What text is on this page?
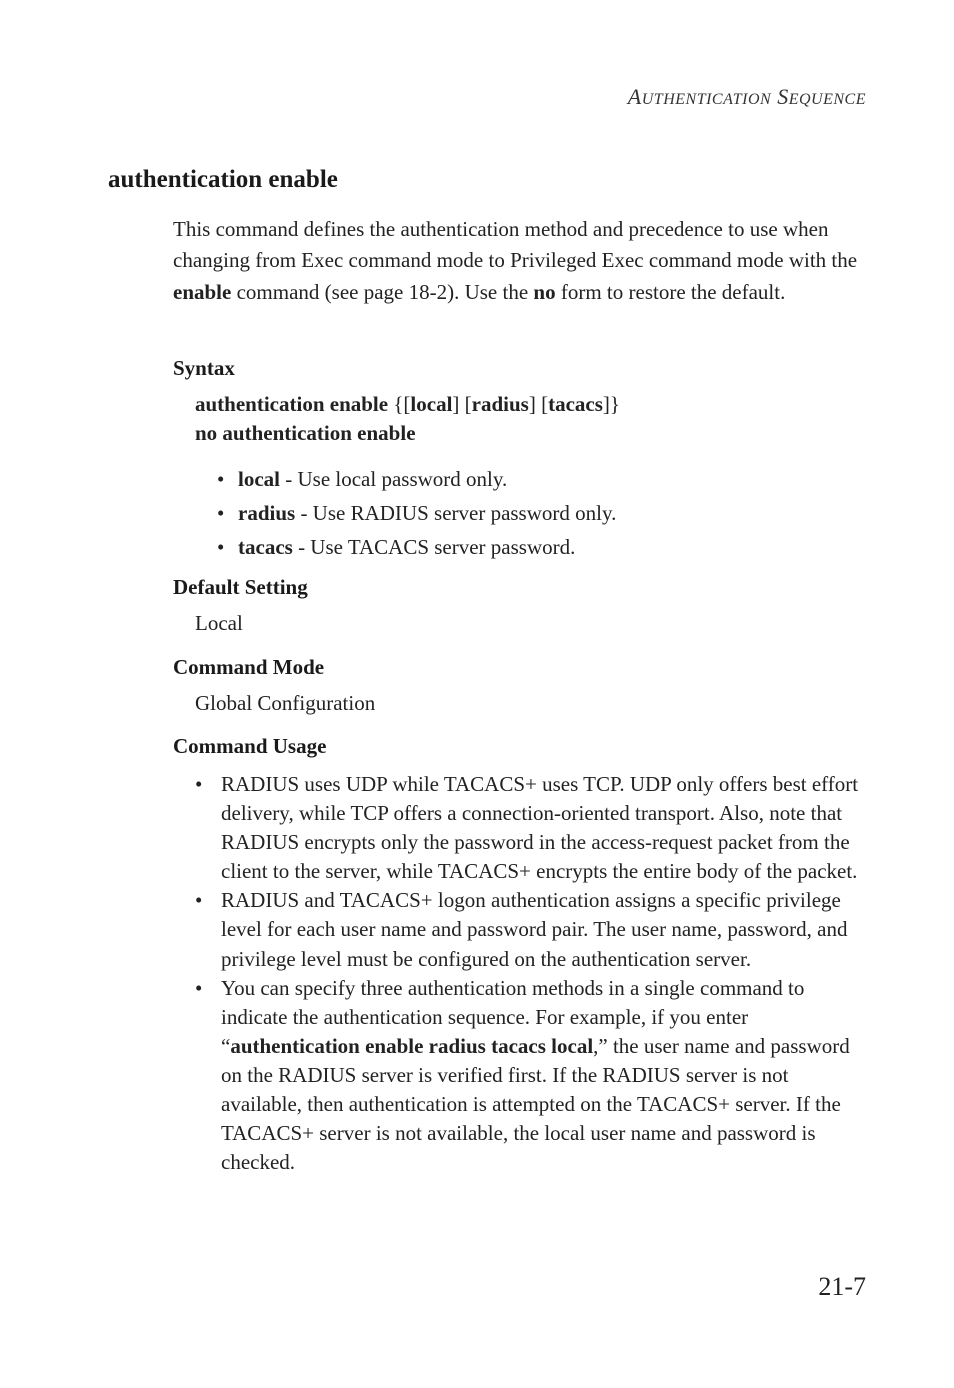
AUTHENTICATION SEQUENCE
authentication enable

This command defines the authentication method and precedence to use when changing from Exec command mode to Privileged Exec command mode with the enable command (see page 18-2). Use the no form to restore the default.

Syntax

authentication enable {[local] [radius] [tacacs]}

no authentication enable

• local - Use local password only.
• radius - Use RADIUS server password only.
• tacacs - Use TACACS server password.
Default Setting

Local

Command Mode

Global Configuration

Command Usage
• RADIUS uses UDP while TACACS+ uses TCP. UDP only offers best effort delivery, while TCP offers a connection-oriented transport. Also, note that RADIUS encrypts only the password in the access-request packet from the client to the server, while TACACS+ encrypts the entire body of the packet.
• RADIUS and TACACS+ logon authentication assigns a specific privilege level for each user name and password pair. The user name, password, and privilege level must be configured on the authentication server.
• You can specify three authentication methods in a single command to indicate the authentication sequence. For example, if you enter “authentication enable radius tacacs local,” the user name and password on the RADIUS server is verified first. If the RADIUS server is not available, then authentication is attempted on the TACACS+ server. If the TACACS+ server is not available, the local user name and password is checked.
21-7
